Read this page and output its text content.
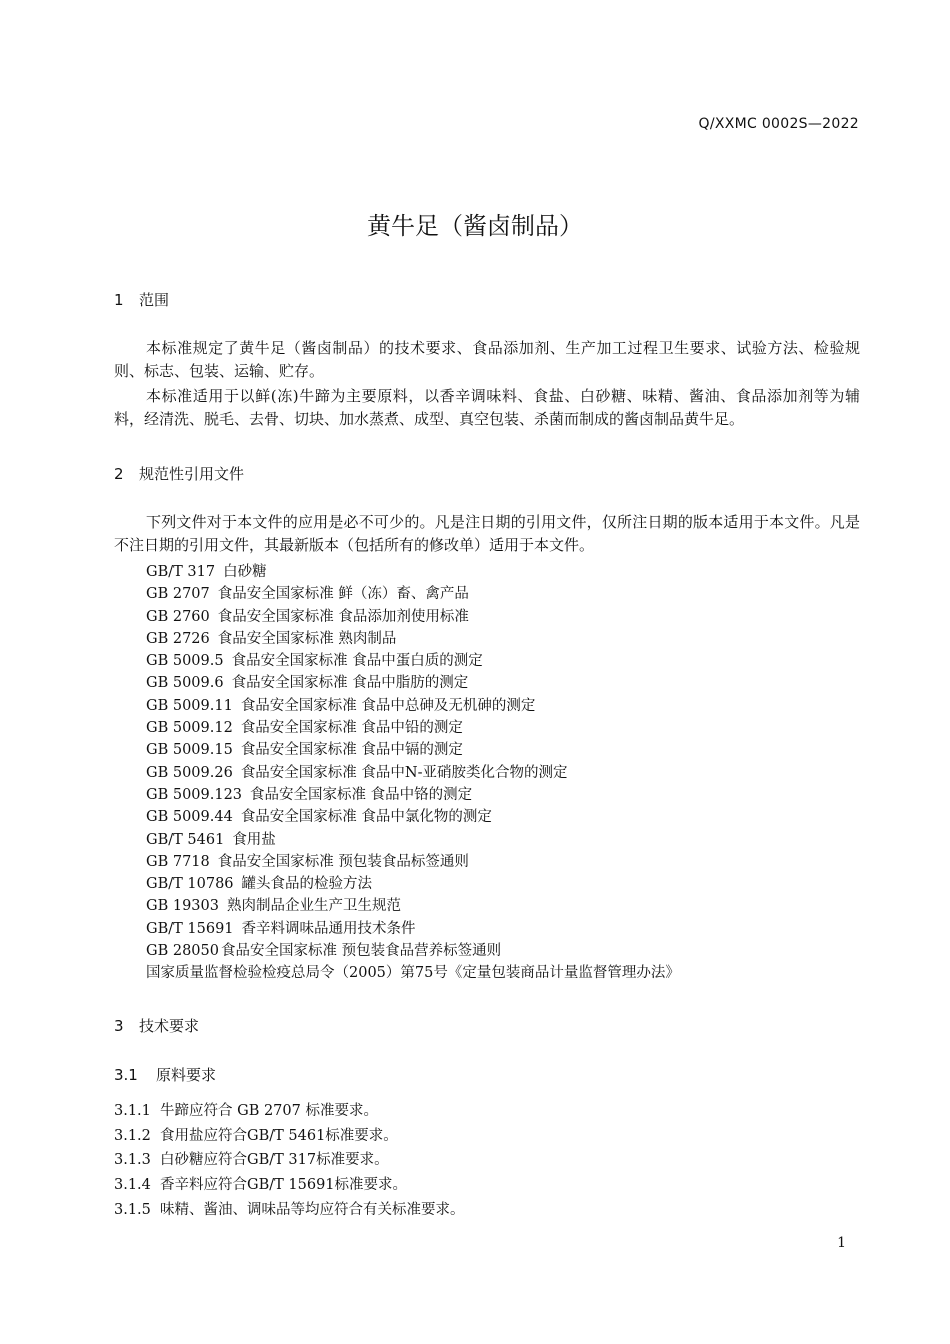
Q/XXMC 0002S—2022
黄牛足（酱卤制品）
1 范围
本标准规定了黄牛足（酱卤制品）的技术要求、食品添加剂、生产加工过程卫生要求、试验方法、检验规则、标志、包装、运输、贮存。
本标准适用于以鲜(冻)牛蹄为主要原料，以香辛调味料、食盐、白砂糖、味精、酱油、食品添加剂等为辅料，经清洗、脱毛、去骨、切块、加水蒸煮、成型、真空包装、杀菌而制成的酱卤制品黄牛足。
2 规范性引用文件
下列文件对于本文件的应用是必不可少的。凡是注日期的引用文件，仅所注日期的版本适用于本文件。凡是不注日期的引用文件，其最新版本（包括所有的修改单）适用于本文件。
GB/T 317 白砂糖
GB 2707 食品安全国家标准 鲜（冻）畜、禽产品
GB 2760 食品安全国家标准 食品添加剂使用标准
GB 2726 食品安全国家标准 熟肉制品
GB 5009.5 食品安全国家标准 食品中蛋白质的测定
GB 5009.6 食品安全国家标准 食品中脂肪的测定
GB 5009.11 食品安全国家标准 食品中总砷及无机砷的测定
GB 5009.12 食品安全国家标准 食品中铅的测定
GB 5009.15 食品安全国家标准 食品中镉的测定
GB 5009.26 食品安全国家标准 食品中N-亚硝胺类化合物的测定
GB 5009.123 食品安全国家标准 食品中铬的测定
GB 5009.44 食品安全国家标准 食品中氯化物的测定
GB/T 5461 食用盐
GB 7718 食品安全国家标准 预包装食品标签通则
GB/T 10786 罐头食品的检验方法
GB 19303 熟肉制品企业生产卫生规范
GB/T 15691 香辛料调味品通用技术条件
GB 28050 食品安全国家标准 预包装食品营养标签通则
国家质量监督检验检疫总局令（2005）第75号《定量包装商品计量监督管理办法》
3 技术要求
3.1 原料要求
3.1.1 牛蹄应符合 GB 2707 标准要求。
3.1.2 食用盐应符合GB/T 5461标准要求。
3.1.3 白砂糖应符合GB/T 317标准要求。
3.1.4 香辛料应符合GB/T 15691标准要求。
3.1.5 味精、酱油、调味品等均应符合有关标准要求。
1
